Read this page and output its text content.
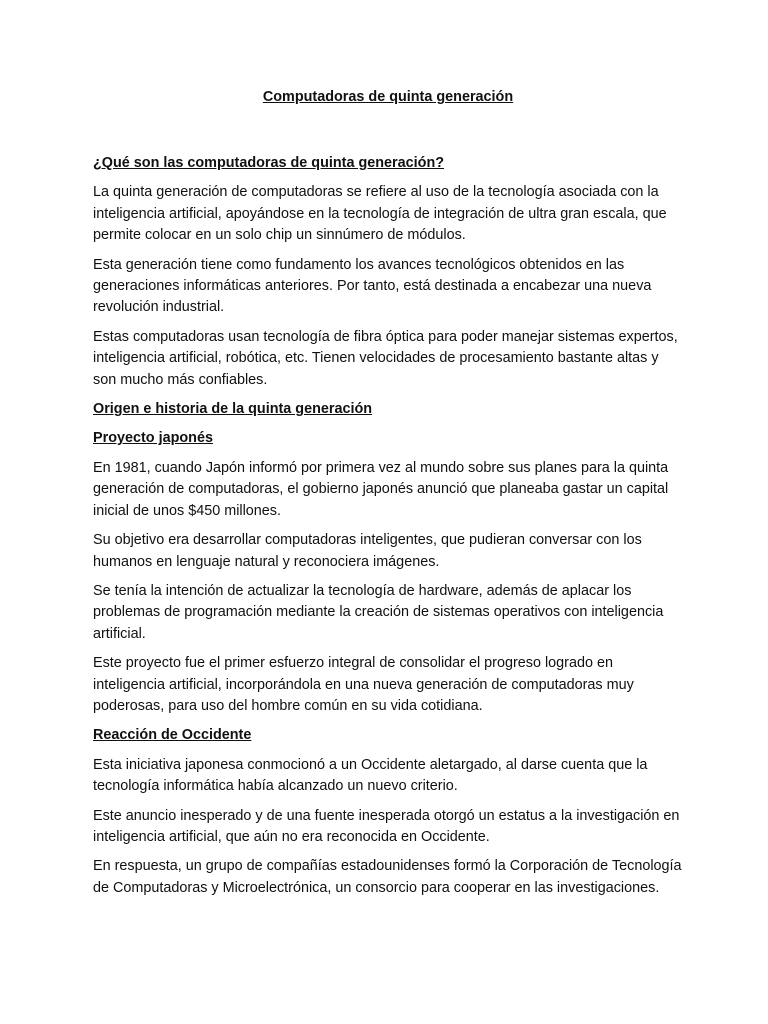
Computadoras de quinta generación
¿Qué son las computadoras de quinta generación?
La quinta generación de computadoras se refiere al uso de la tecnología asociada con la inteligencia artificial, apoyándose en la tecnología de integración de ultra gran escala, que permite colocar en un solo chip un sinnúmero de módulos.
Esta generación tiene como fundamento los avances tecnológicos obtenidos en las generaciones informáticas anteriores. Por tanto, está destinada a encabezar una nueva revolución industrial.
Estas computadoras usan tecnología de fibra óptica para poder manejar sistemas expertos, inteligencia artificial, robótica, etc. Tienen velocidades de procesamiento bastante altas y son mucho más confiables.
Origen e historia de la quinta generación
Proyecto japonés
En 1981, cuando Japón informó por primera vez al mundo sobre sus planes para la quinta generación de computadoras, el gobierno japonés anunció que planeaba gastar un capital inicial de unos $450 millones.
Su objetivo era desarrollar computadoras inteligentes, que pudieran conversar con los humanos en lenguaje natural y reconociera imágenes.
Se tenía la intención de actualizar la tecnología de hardware, además de aplacar los problemas de programación mediante la creación de sistemas operativos con inteligencia artificial.
Este proyecto fue el primer esfuerzo integral de consolidar el progreso logrado en inteligencia artificial, incorporándola en una nueva generación de computadoras muy poderosas, para uso del hombre común en su vida cotidiana.
Reacción de Occidente
Esta iniciativa japonesa conmocionó a un Occidente aletargado, al darse cuenta que la tecnología informática había alcanzado un nuevo criterio.
Este anuncio inesperado y de una fuente inesperada otorgó un estatus a la investigación en inteligencia artificial, que aún no era reconocida en Occidente.
En respuesta, un grupo de compañías estadounidenses formó la Corporación de Tecnología de Computadoras y Microelectrónica, un consorcio para cooperar en las investigaciones.
